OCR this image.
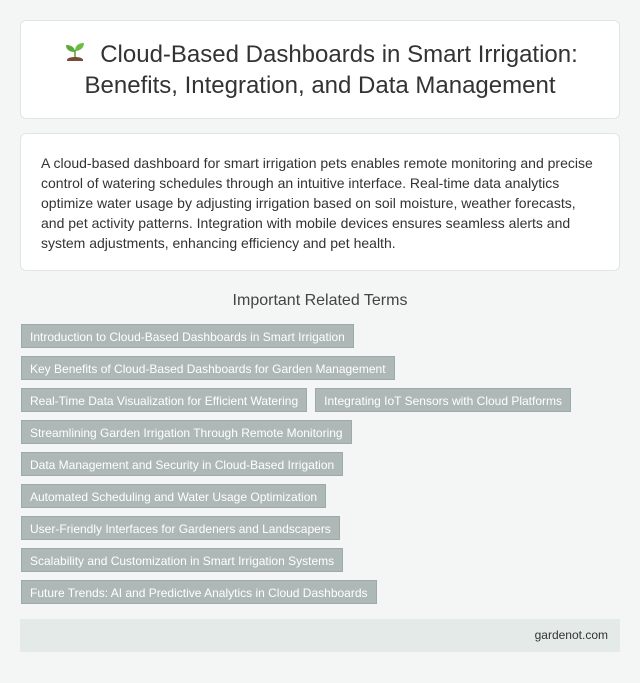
Cloud-Based Dashboards in Smart Irrigation: Benefits, Integration, and Data Management

A cloud-based dashboard for smart irrigation pets enables remote monitoring and precise control of watering schedules through an intuitive interface. Real-time data analytics optimize water usage by adjusting irrigation based on soil moisture, weather forecasts, and pet activity patterns. Integration with mobile devices ensures seamless alerts and system adjustments, enhancing efficiency and pet health.

Important Related Terms
Introduction to Cloud-Based Dashboards in Smart Irrigation
Key Benefits of Cloud-Based Dashboards for Garden Management
Real-Time Data Visualization for Efficient Watering	Integrating IoT Sensors with Cloud Platforms
Streamlining Garden Irrigation Through Remote Monitoring
Data Management and Security in Cloud-Based Irrigation
Automated Scheduling and Water Usage Optimization
User-Friendly Interfaces for Gardeners and Landscapers
Scalability and Customization in Smart Irrigation Systems
Future Trends: AI and Predictive Analytics in Cloud Dashboards
gardenot.com
